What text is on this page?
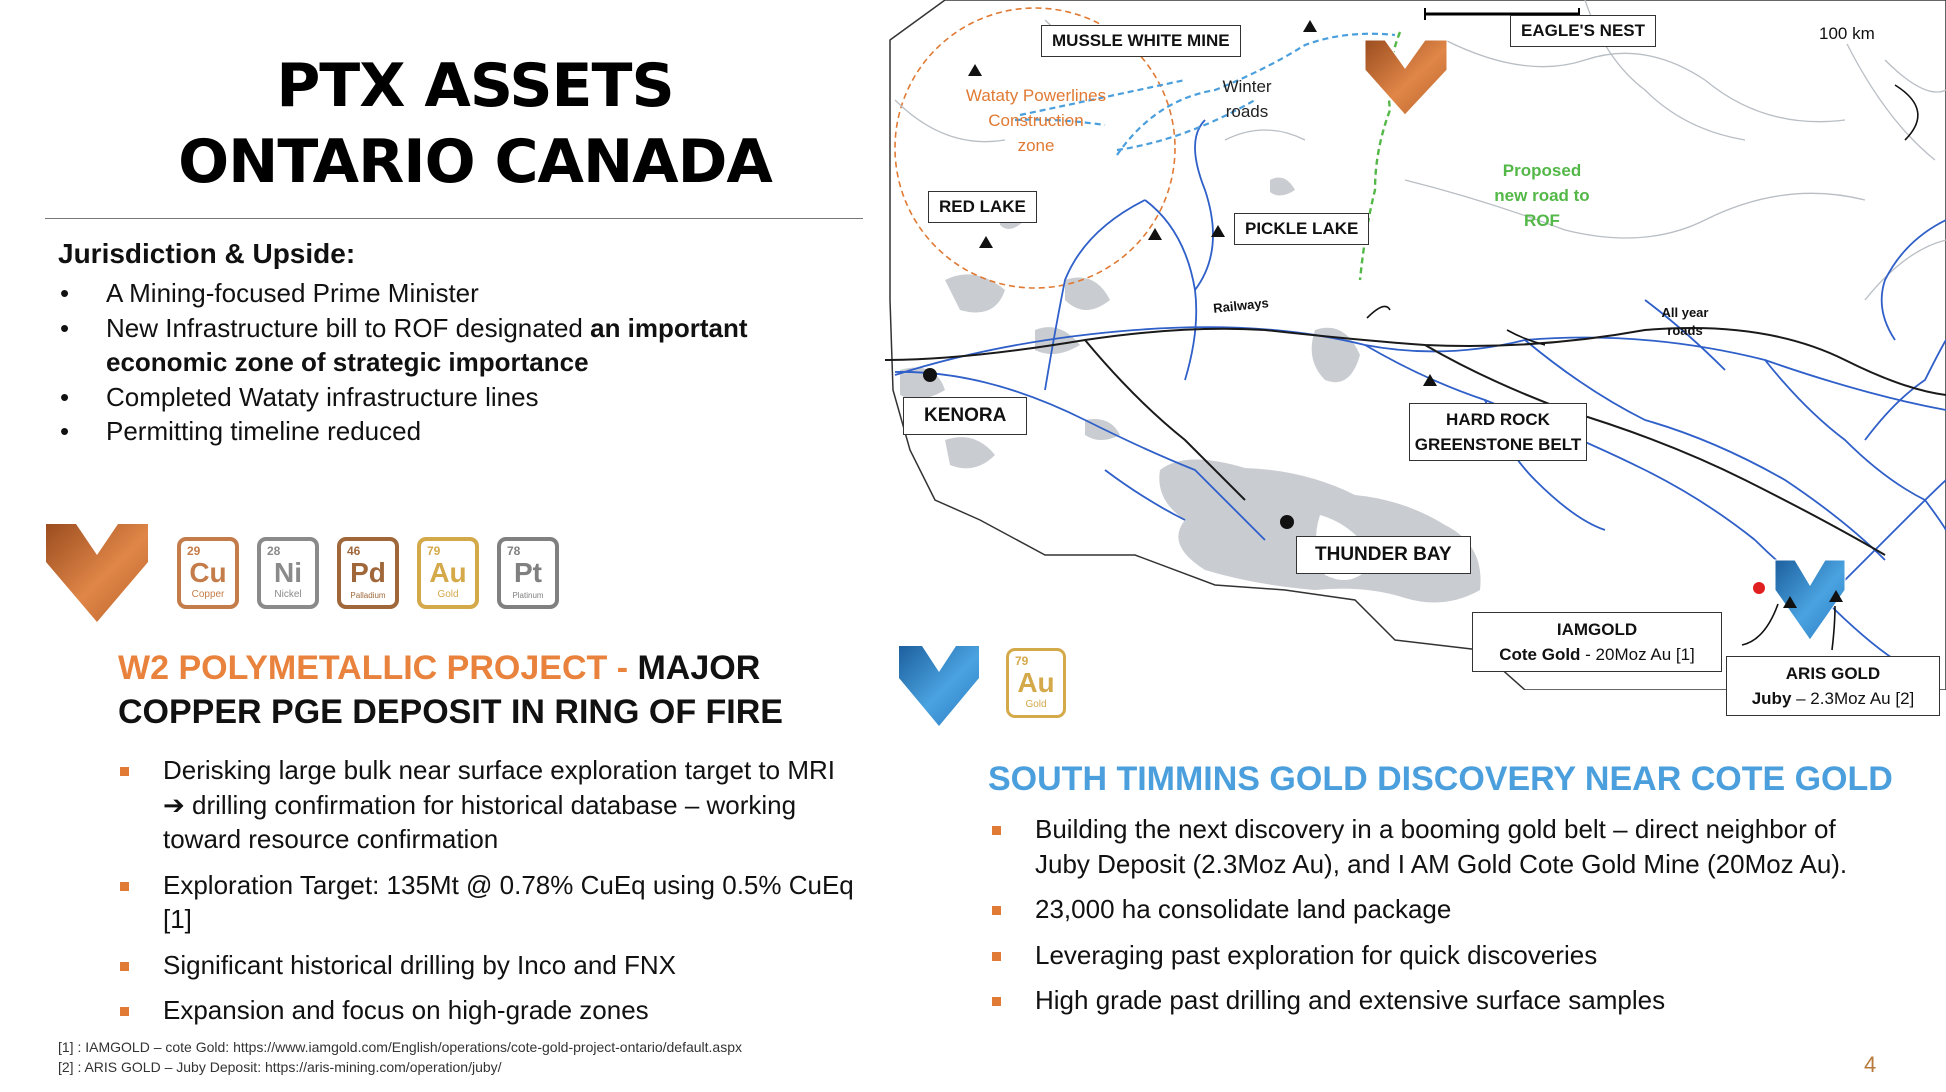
PTX ASSETS
ONTARIO CANADA
Jurisdiction & Upside:
• A Mining-focused Prime Minister
• New Infrastructure bill to ROF designated an important economic zone of strategic importance
• Completed Wataty infrastructure lines
• Permitting timeline reduced
29
Cu
Copper
28
Ni
Nickel
46
Pd
Palladium
79
Au
Gold
78
Pt
Platinum
W2 POLYMETALLIC PROJECT - MAJOR COPPER PGE DEPOSIT IN RING OF FIRE
Derisking large bulk near surface exploration target to MRI ➔ drilling confirmation for historical database – working toward resource confirmation
Exploration Target: 135Mt @ 0.78% CuEq using 0.5% CuEq [1]
Significant historical drilling by Inco and FNX
Expansion and focus on high-grade zones
79
Au
Gold
SOUTH TIMMINS GOLD DISCOVERY NEAR COTE GOLD
Building the next discovery in a booming gold belt – direct neighbor of Juby Deposit (2.3Moz Au), and I AM Gold Cote Gold Mine (20Moz Au).
23,000 ha consolidate land package
Leveraging past exploration for quick discoveries
High grade past drilling and extensive surface samples
[1] : IAMGOLD – cote Gold: https://www.iamgold.com/English/operations/cote-gold-project-ontario/default.aspx
[2] : ARIS GOLD – Juby Deposit: https://aris-mining.com/operation/juby/	4
100 km
MUSSLE WHITE MINE
EAGLE'S NEST
RED LAKE
PICKLE LAKE
KENORA	HARD ROCK
GREENSTONE BELT
THUNDER BAY
IAMGOLD
Cote Gold - 20Moz Au [1]
ARIS GOLD
Juby – 2.3Moz Au [2]
Wataty Powerlines
Construction
zone
Winter
roads
Proposed
new road to
ROF
Railways	All year
roads
